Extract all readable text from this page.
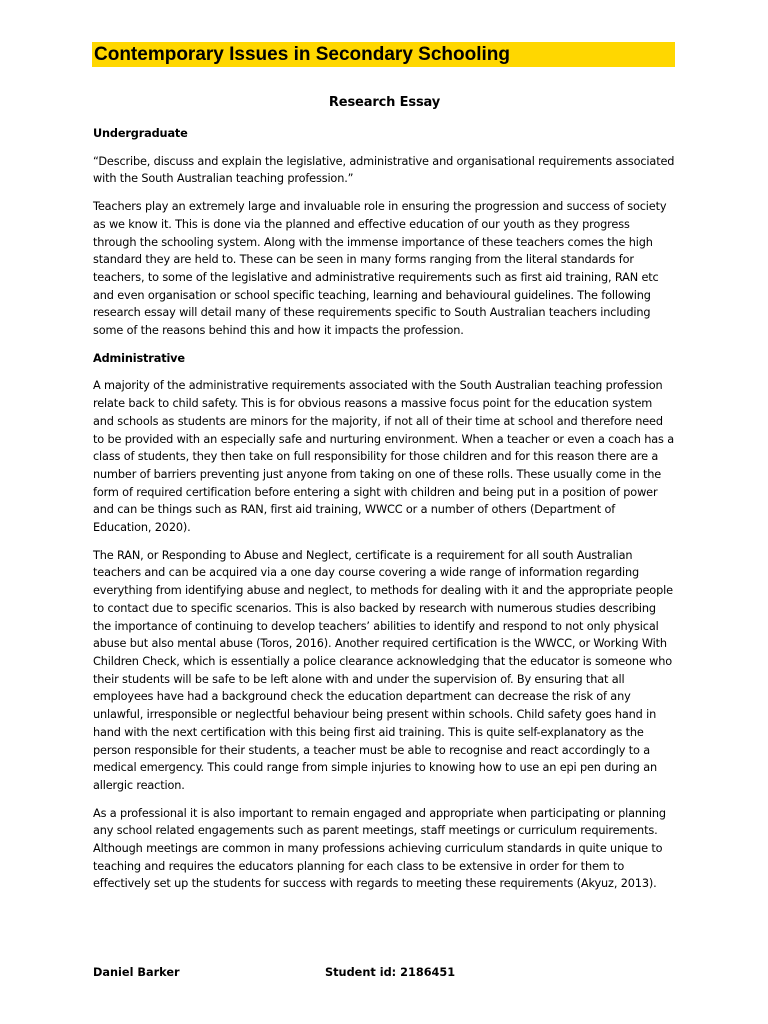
Contemporary Issues in Secondary Schooling
Research Essay
Undergraduate
“Describe, discuss and explain the legislative, administrative and organisational requirements associated with the South Australian teaching profession.”
Teachers play an extremely large and invaluable role in ensuring the progression and success of society as we know it. This is done via the planned and effective education of our youth as they progress through the schooling system. Along with the immense importance of these teachers comes the high standard they are held to. These can be seen in many forms ranging from the literal standards for teachers, to some of the legislative and administrative requirements such as first aid training, RAN etc and even organisation or school specific teaching, learning and behavioural guidelines. The following research essay will detail many of these requirements specific to South Australian teachers including some of the reasons behind this and how it impacts the profession.
Administrative
A majority of the administrative requirements associated with the South Australian teaching profession relate back to child safety. This is for obvious reasons a massive focus point for the education system and schools as students are minors for the majority, if not all of their time at school and therefore need to be provided with an especially safe and nurturing environment. When a teacher or even a coach has a class of students, they then take on full responsibility for those children and for this reason there are a number of barriers preventing just anyone from taking on one of these rolls. These usually come in the form of required certification before entering a sight with children and being put in a position of power and can be things such as RAN, first aid training, WWCC or a number of others (Department of Education, 2020).
The RAN, or Responding to Abuse and Neglect, certificate is a requirement for all south Australian teachers and can be acquired via a one day course covering a wide range of information regarding everything from identifying abuse and neglect, to methods for dealing with it and the appropriate people to contact due to specific scenarios. This is also backed by research with numerous studies describing the importance of continuing to develop teachers’ abilities to identify and respond to not only physical abuse but also mental abuse (Toros, 2016). Another required certification is the WWCC, or Working With Children Check, which is essentially a police clearance acknowledging that the educator is someone who their students will be safe to be left alone with and under the supervision of. By ensuring that all employees have had a background check the education department can decrease the risk of any unlawful, irresponsible or neglectful behaviour being present within schools. Child safety goes hand in hand with the next certification with this being first aid training. This is quite self-explanatory as the person responsible for their students, a teacher must be able to recognise and react accordingly to a medical emergency. This could range from simple injuries to knowing how to use an epi pen during an allergic reaction.
As a professional it is also important to remain engaged and appropriate when participating or planning any school related engagements such as parent meetings, staff meetings or curriculum requirements. Although meetings are common in many professions achieving curriculum standards in quite unique to teaching and requires the educators planning for each class to be extensive in order for them to effectively set up the students for success with regards to meeting these requirements (Akyuz, 2013).
Daniel Barker	Student id: 2186451
